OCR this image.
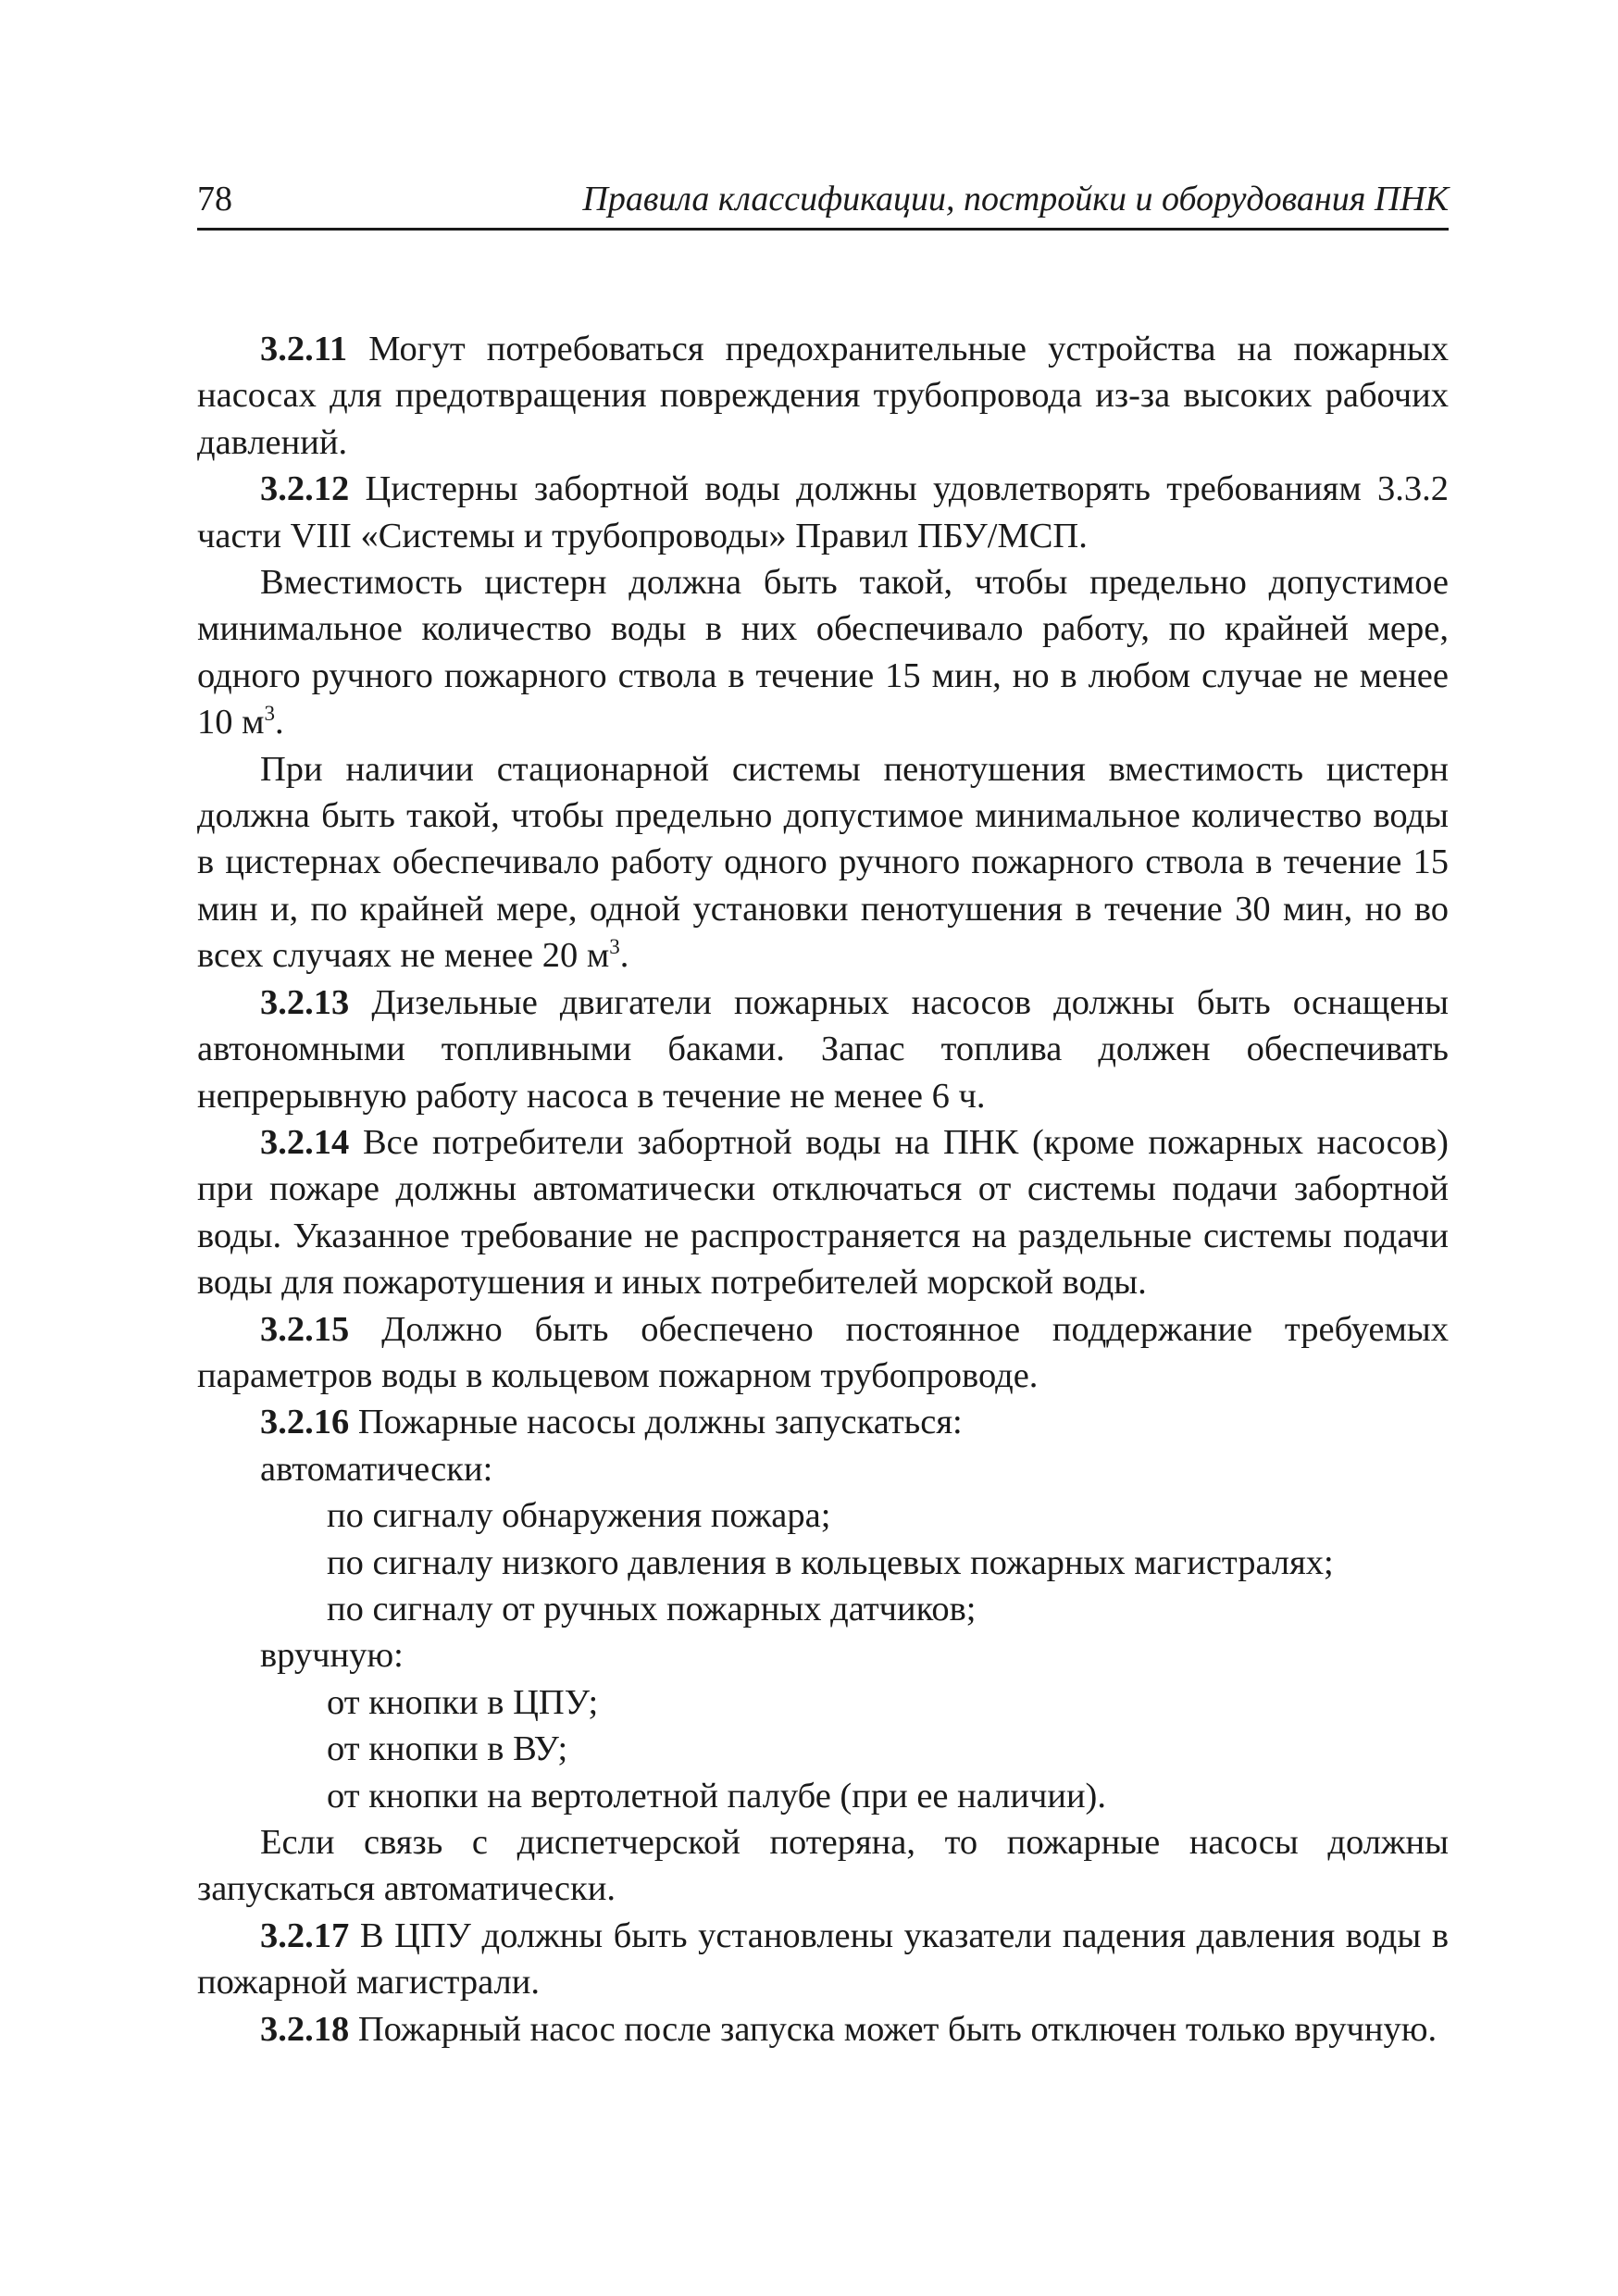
78	Правила классификации, постройки и оборудования ПНК

3.2.11 Могут потребоваться предохранительные устройства на пожарных насосах для предотвращения повреждения трубопровода из-за высоких рабочих давлений.

3.2.12 Цистерны забортной воды должны удовлетворять требованиям 3.3.2 части VIII «Системы и трубопроводы» Правил ПБУ/МСП.

Вместимость цистерн должна быть такой, чтобы предельно допустимое минимальное количество воды в них обеспечивало работу, по крайней мере, одного ручного пожарного ствола в течение 15 мин, но в любом случае не менее 10 $м^3$.

При наличии стационарной системы пенотушения вместимость цистерн должна быть такой, чтобы предельно допустимое минимальное количество воды в цистернах обеспечивало работу одного ручного пожарного ствола в течение 15 мин и, по крайней мере, одной установки пенотушения в течение 30 мин, но во всех случаях не менее 20 $м^3$.

3.2.13 Дизельные двигатели пожарных насосов должны быть оснащены автономными топливными баками. Запас топлива должен обеспечивать непрерывную работу насоса в течение не менее 6 ч.

3.2.14 Все потребители забортной воды на ПНК (кроме пожарных насосов) при пожаре должны автоматически отключаться от системы подачи забортной воды. Указанное требование не распространяется на раздельные системы подачи воды для пожаротушения и иных потребителей морской воды.

3.2.15 Должно быть обеспечено постоянное поддержание требуемых параметров воды в кольцевом пожарном трубопроводе.

3.2.16 Пожарные насосы должны запускаться:

автоматически:

по сигналу обнаружения пожара;

по сигналу низкого давления в кольцевых пожарных магистралях;

по сигналу от ручных пожарных датчиков;

вручную:

от кнопки в ЦПУ;

от кнопки в ВУ;

от кнопки на вертолетной палубе (при ее наличии).

Если связь с диспетчерской потеряна, то пожарные насосы должны запускаться автоматически.

3.2.17 В ЦПУ должны быть установлены указатели падения давления воды в пожарной магистрали.

3.2.18 Пожарный насос после запуска может быть отключен только вручную.
